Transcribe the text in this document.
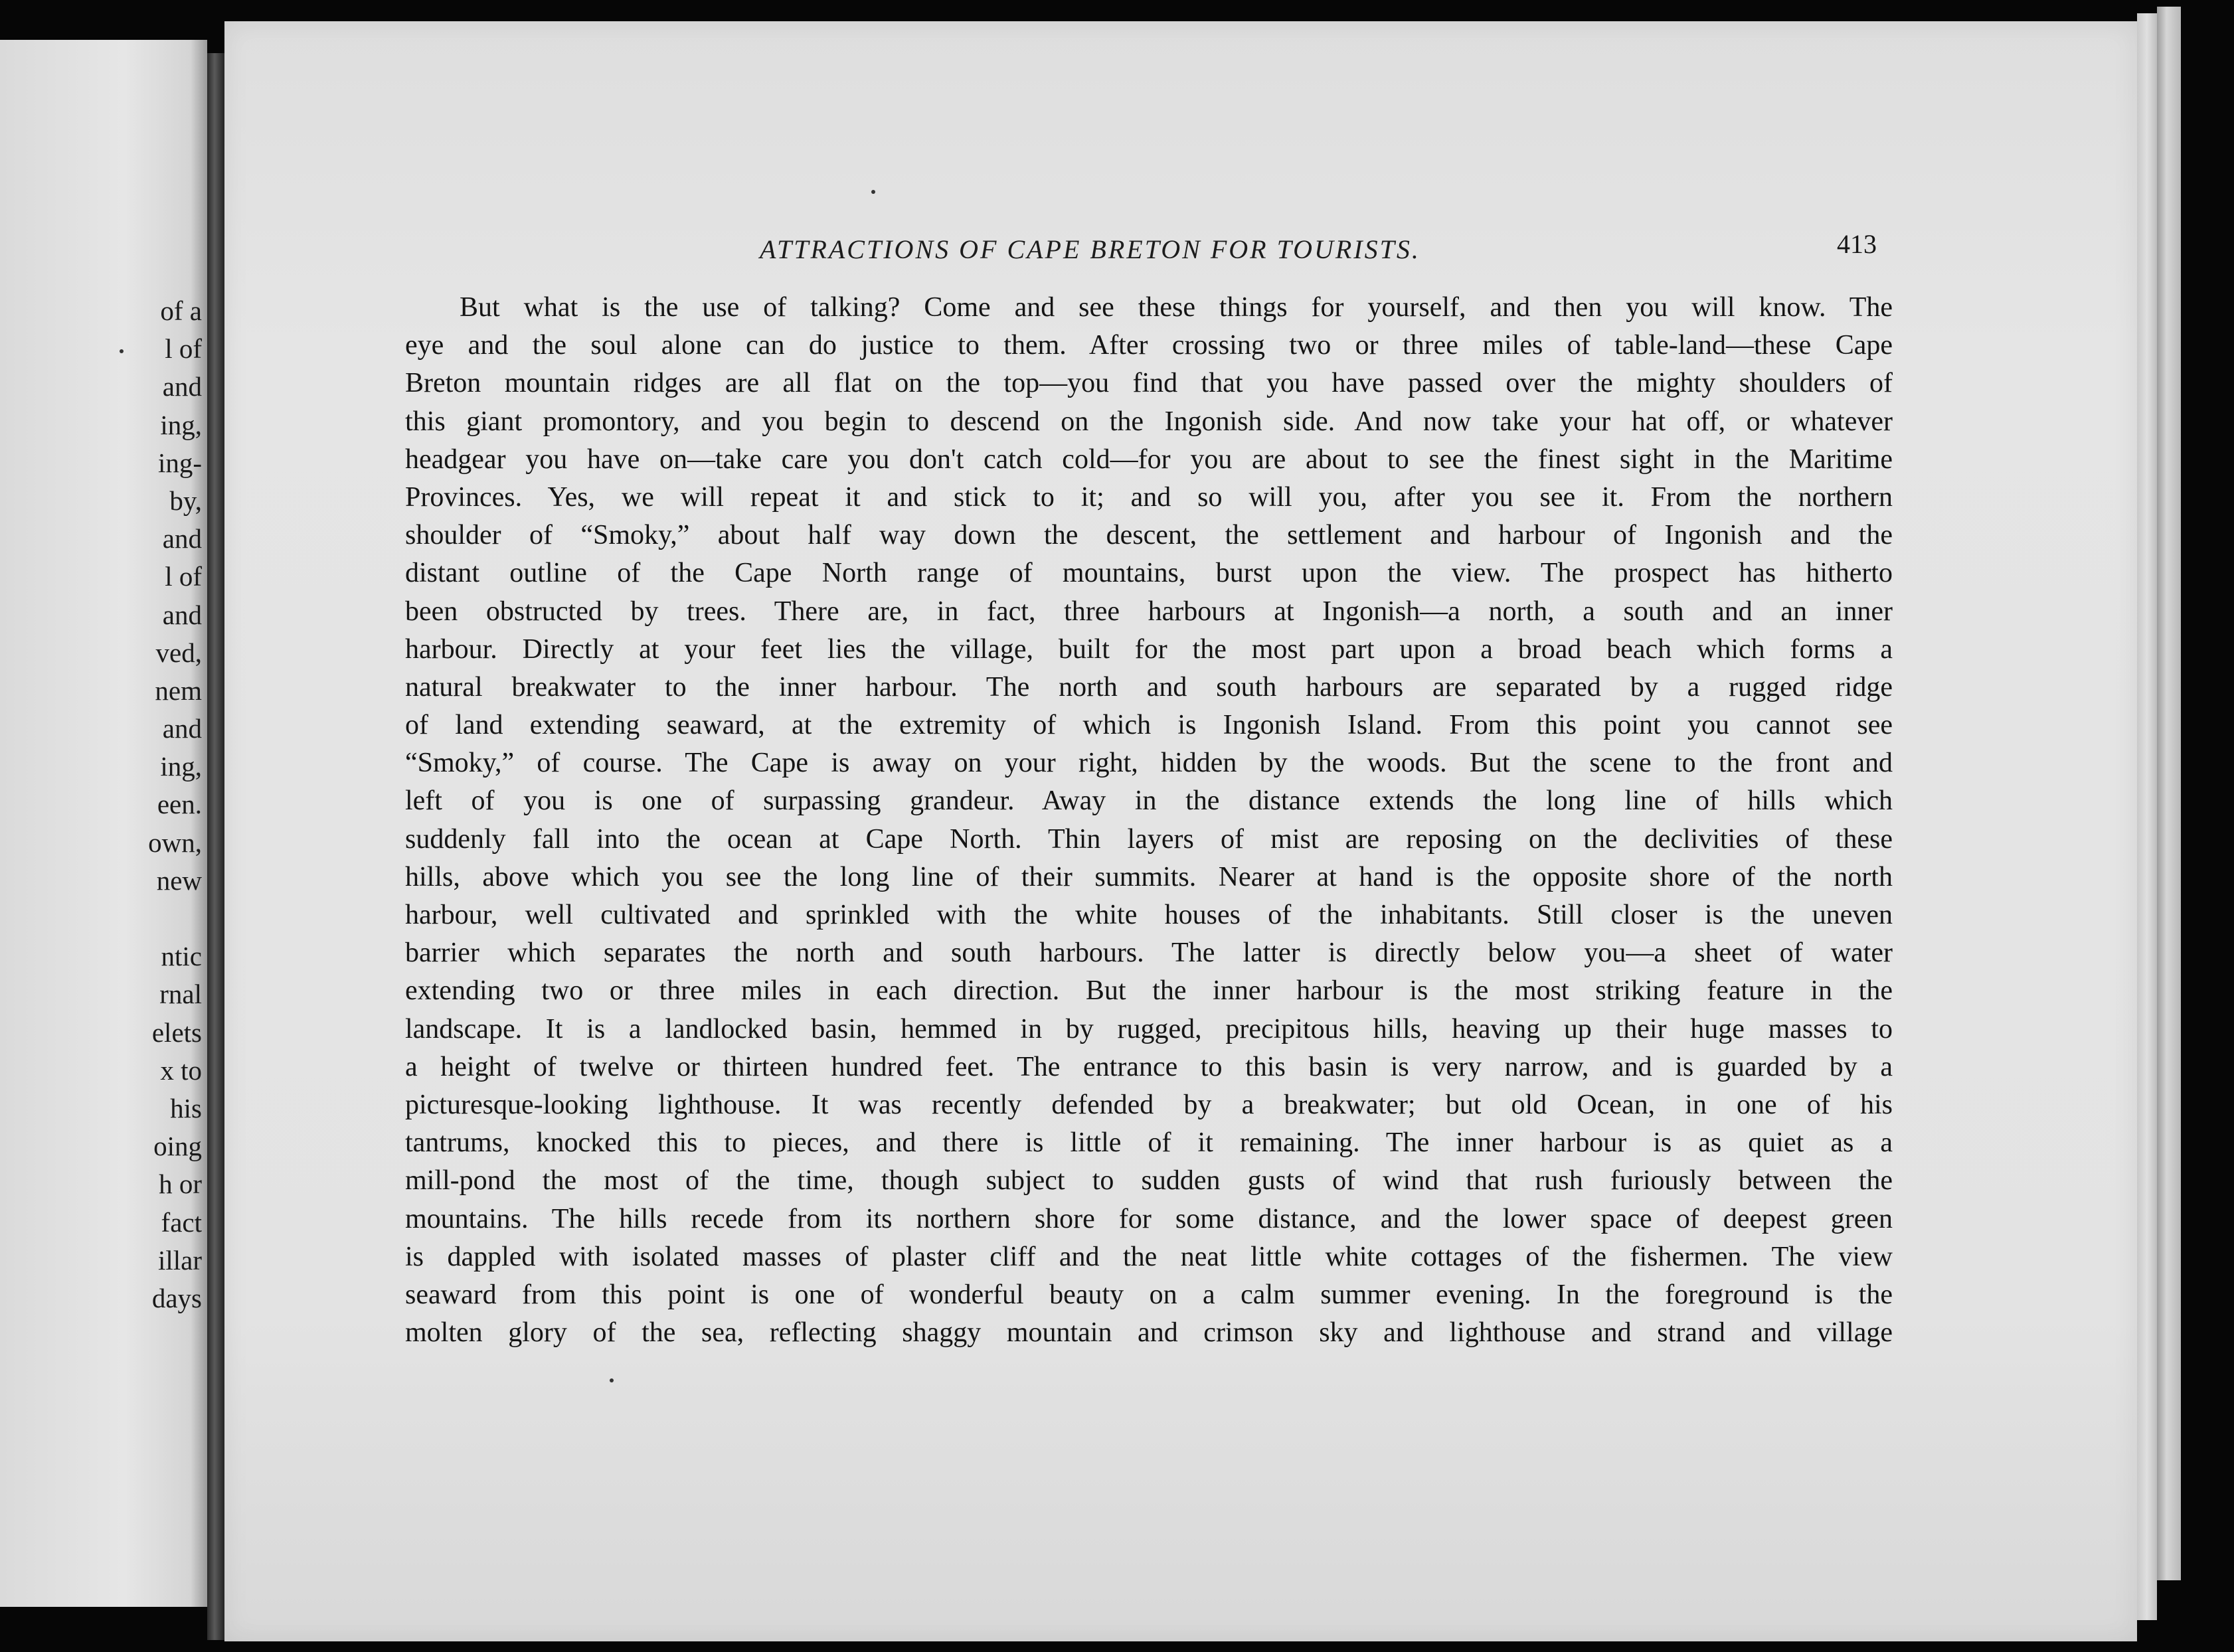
of a
l of
and
ing,
ing-
by,
and
l of
and
ved,
nem
and
ing,
een.
own,
new
ntic
rnal
elets
x to
his
oing
h or
fact
illar
days
ATTRACTIONS OF CAPE BRETON FOR TOURISTS.	413
But what is the use of talking? Come and see these things for yourself, and then you will know. The
eye and the soul alone can do justice to them. After crossing two or three miles of table-land—these Cape
Breton mountain ridges are all flat on the top—you find that you have passed over the mighty shoulders of
this giant promontory, and you begin to descend on the Ingonish side. And now take your hat off, or whatever
headgear you have on—take care you don't catch cold—for you are about to see the finest sight in the Maritime
Provinces. Yes, we will repeat it and stick to it; and so will you, after you see it. From the northern
shoulder of “Smoky,” about half way down the descent, the settlement and harbour of Ingonish and the
distant outline of the Cape North range of mountains, burst upon the view. The prospect has hitherto
been obstructed by trees. There are, in fact, three harbours at Ingonish—a north, a south and an inner
harbour. Directly at your feet lies the village, built for the most part upon a broad beach which forms a
natural breakwater to the inner harbour. The north and south harbours are separated by a rugged ridge
of land extending seaward, at the extremity of which is Ingonish Island. From this point you cannot see
“Smoky,” of course. The Cape is away on your right, hidden by the woods. But the scene to the front and
left of you is one of surpassing grandeur. Away in the distance extends the long line of hills which
suddenly fall into the ocean at Cape North. Thin layers of mist are reposing on the declivities of these
hills, above which you see the long line of their summits. Nearer at hand is the opposite shore of the north
harbour, well cultivated and sprinkled with the white houses of the inhabitants. Still closer is the uneven
barrier which separates the north and south harbours. The latter is directly below you—a sheet of water
extending two or three miles in each direction. But the inner harbour is the most striking feature in the
landscape. It is a landlocked basin, hemmed in by rugged, precipitous hills, heaving up their huge masses to
a height of twelve or thirteen hundred feet. The entrance to this basin is very narrow, and is guarded by a
picturesque-looking lighthouse. It was recently defended by a breakwater; but old Ocean, in one of his
tantrums, knocked this to pieces, and there is little of it remaining. The inner harbour is as quiet as a
mill-pond the most of the time, though subject to sudden gusts of wind that rush furiously between the
mountains. The hills recede from its northern shore for some distance, and the lower space of deepest green
is dappled with isolated masses of plaster cliff and the neat little white cottages of the fishermen. The view
seaward from this point is one of wonderful beauty on a calm summer evening. In the foreground is the
molten glory of the sea, reflecting shaggy mountain and crimson sky and lighthouse and strand and village
